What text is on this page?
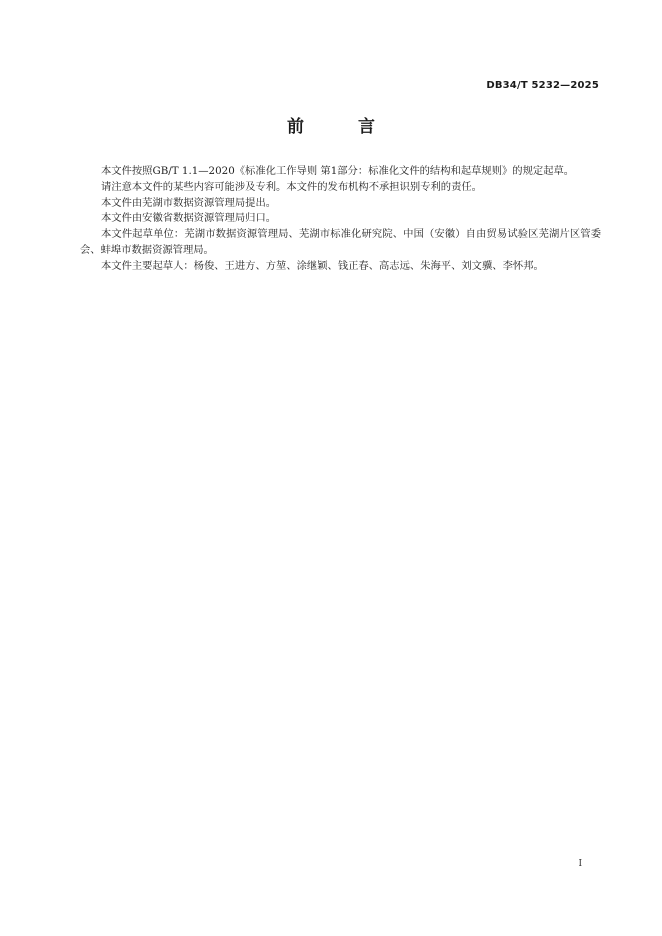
DB34/T 5232—2025
前 言

本文件按照GB/T 1.1—2020《标准化工作导则 第1部分：标准化文件的结构和起草规则》的规定起草。

请注意本文件的某些内容可能涉及专利。本文件的发布机构不承担识别专利的责任。

本文件由芜湖市数据资源管理局提出。

本文件由安徽省数据资源管理局归口。

本文件起草单位：芜湖市数据资源管理局、芜湖市标准化研究院、中国（安徽）自由贸易试验区芜湖片区管委会、蚌埠市数据资源管理局。

本文件主要起草人：杨俊、王进方、方堃、涂继颖、钱正春、高志远、朱海平、刘文骥、李怀邦。

I
